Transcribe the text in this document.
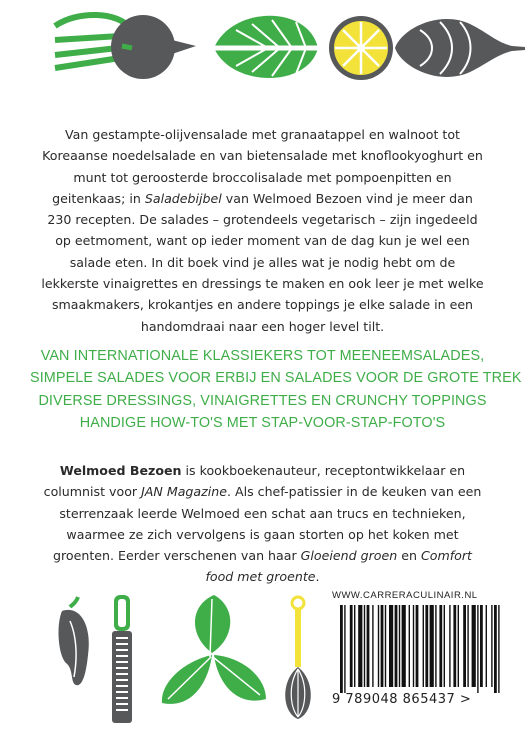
Van gestampte-olijvensalade met granaatappel en walnoot tot Koreaanse noedelsalade en van bietensalade met knoflookyoghurt en munt tot geroosterde broccolisalade met pompoenpitten en geitenkaas; in Saladebijbel van Welmoed Bezoen vind je meer dan 230 recepten. De salades – grotendeels vegetarisch – zijn ingedeeld op eetmoment, want op ieder moment van de dag kun je wel een salade eten. In dit boek vind je alles wat je nodig hebt om de lekkerste vinaigrettes en dressings te maken en ook leer je met welke smaakmakers, krokantjes en andere toppings je elke salade in een handomdraai naar een hoger level tilt.

VAN INTERNATIONALE KLASSIEKERS TOT MEENEEMSALADES,
SIMPELE SALADES VOOR ERBIJ EN SALADES VOOR DE GROTE TREK
DIVERSE DRESSINGS, VINAIGRETTES EN CRUNCHY TOPPINGS
HANDIGE HOW-TO'S MET STAP-VOOR-STAP-FOTO'S

Welmoed Bezoen is kookboekenauteur, receptontwikkelaar en columnist voor JAN Magazine. Als chef-patissier in de keuken van een sterrenzaak leerde Welmoed een schat aan trucs en technieken, waarmee ze zich vervolgens is gaan storten op het koken met groenten. Eerder verschenen van haar Gloeiend groen en Comfort food met groente.

WWW.CARRERACULINAIR.NL
9 789048 865437 >
